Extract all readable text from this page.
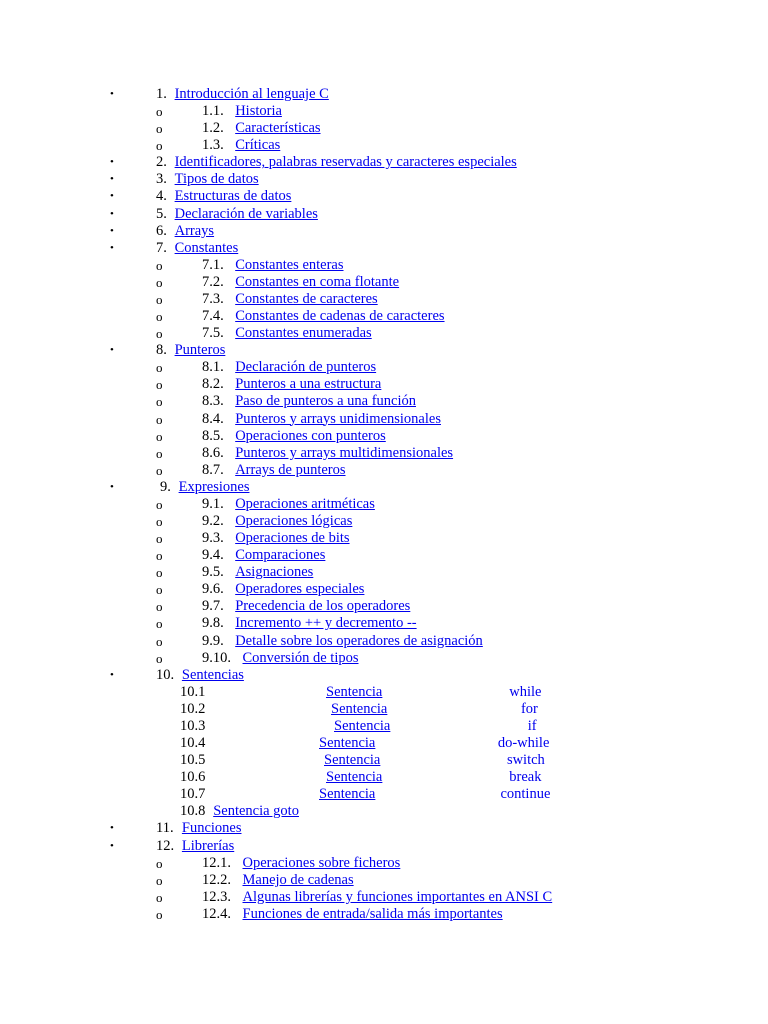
•	1. Introducción al lenguaje C
o	1.1. Historia
o	1.2. Características
o	1.3. Críticas
•	2. Identificadores, palabras reservadas y caracteres especiales
•	3. Tipos de datos
•	4. Estructuras de datos
•	5. Declaración de variables
•	6. Arrays
•	7. Constantes
o	7.1. Constantes enteras
o	7.2. Constantes en coma flotante
o	7.3. Constantes de caracteres
o	7.4. Constantes de cadenas de caracteres
o	7.5. Constantes enumeradas
•	8. Punteros
o	8.1. Declaración de punteros
o	8.2. Punteros a una estructura
o	8.3. Paso de punteros a una función
o	8.4. Punteros y arrays unidimensionales
o	8.5. Operaciones con punteros
o	8.6. Punteros y arrays multidimensionales
o	8.7. Arrays de punteros
•	9. Expresiones
o	9.1. Operaciones aritméticas
o	9.2. Operaciones lógicas
o	9.3. Operaciones de bits
o	9.4. Comparaciones
o	9.5. Asignaciones
o	9.6. Operadores especiales
o	9.7. Precedencia de los operadores
o	9.8. Incremento ++ y decremento --
o	9.9. Detalle sobre los operadores de asignación
o	9.10. Conversión de tipos
•	10. Sentencias
10.1	Sentencia	while
10.2	Sentencia	for
10.3	Sentencia	if
10.4	Sentencia	do-while
10.5	Sentencia	switch
10.6	Sentencia	break
10.7	Sentencia	continue
10.8 Sentencia goto
•	11. Funciones
•	12. Librerías
o	12.1. Operaciones sobre ficheros
o	12.2. Manejo de cadenas
o	12.3. Algunas librerías y funciones importantes en ANSI C
o	12.4. Funciones de entrada/salida más importantes
